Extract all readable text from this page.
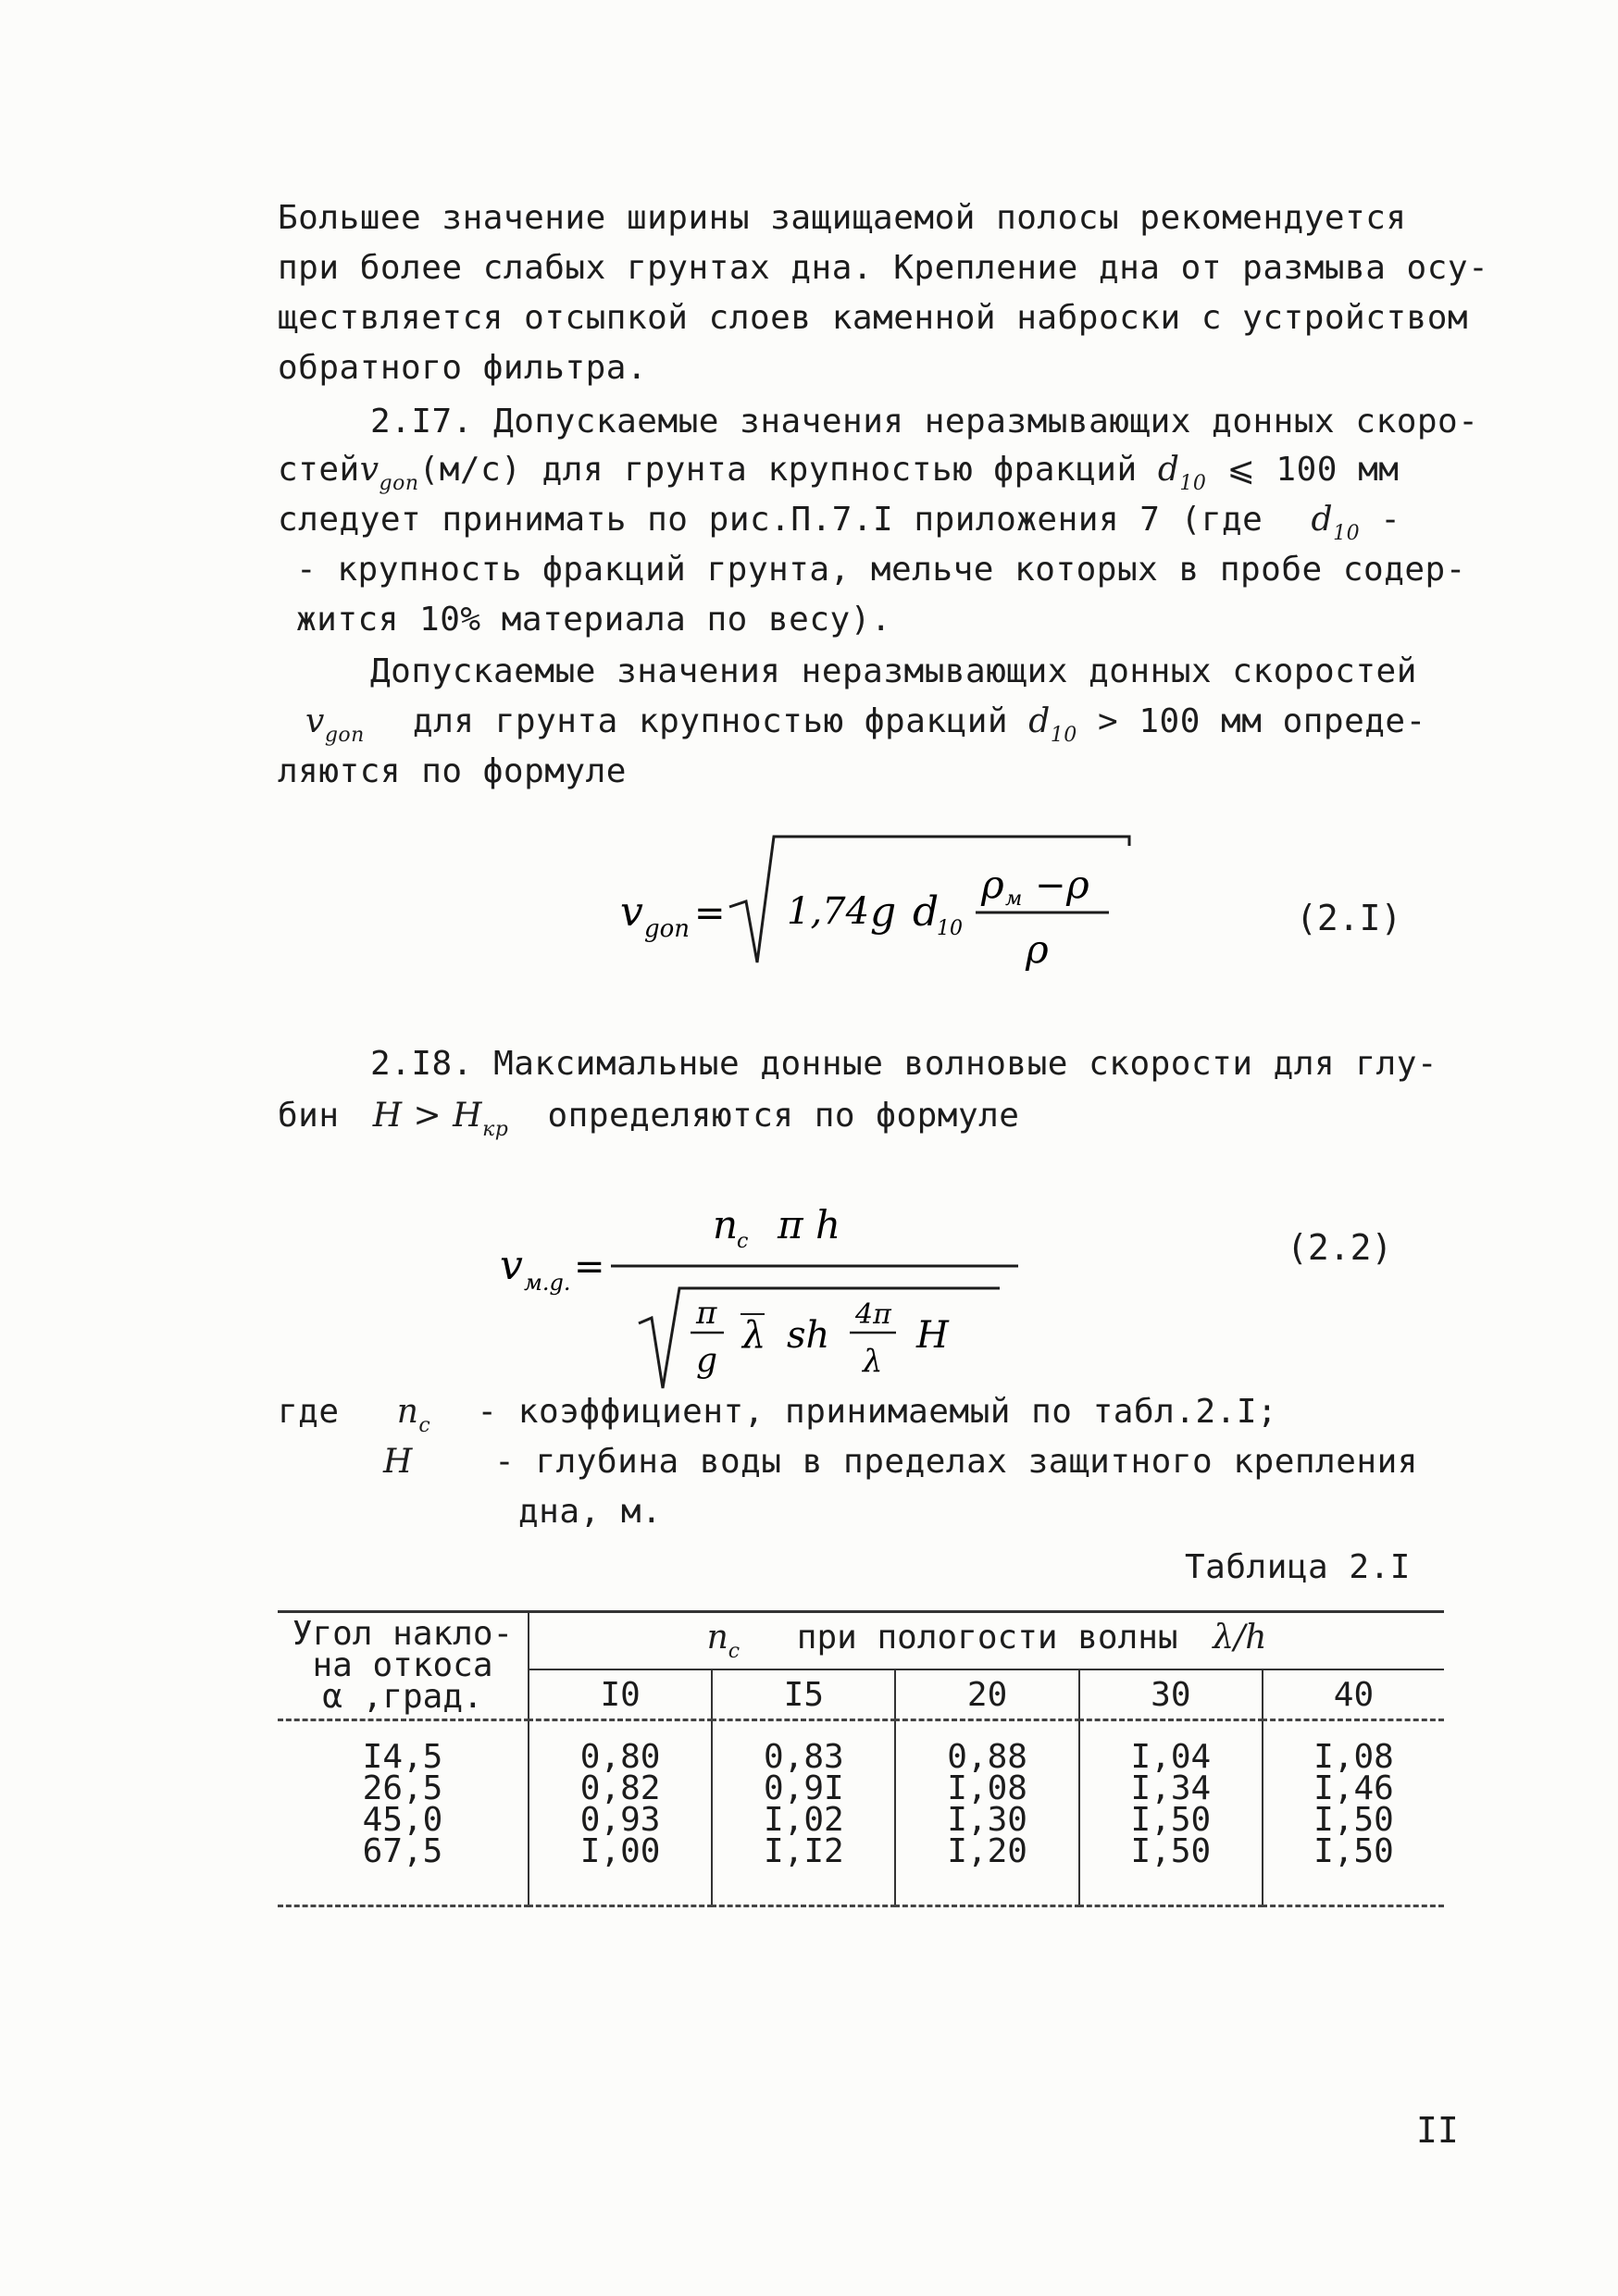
Большее значение ширины защищаемой полосы рекомендуется
при более слабых грунтах дна. Крепление дна от размыва осу-
ществляется отсыпкой слоев каменной наброски с устройством
обратного фильтра.
2.I7. Допускаемые значения неразмывающих донных скоро-
стейv$_{gon}$(м/с) для грунта крупностью фракций $d_{10}$ ⩽ 100 мм
следует принимать по рис.П.7.I приложения 7 (где $d_{10}$ -
- крупность фракций грунта, мельче которых в пробе содер-
жится 10% материала по весу).
Допускаемые значения неразмывающих донных скоростей
$v_{gon}$ для грунта крупностью фракций $d_{10} > 100$ мм опреде-
ляются по формуле
v gon = 1,74 g d
10
ρ м − ρ
ρ
(2.I)
2.I8. Максимальные донные волновые скорости для глу-
бин $H > H_{кр}$ определяются по формуле
v м.g. =
n
c π h
π
g
λ sh 4π
λ
H
(2.2)
где $n_c$ - коэффициент, принимаемый по табл.2.I;
H - глубина воды в пределах защитного крепления
дна, м.
Таблица 2.I
Угол накло-
на откоса
α ,град.	$n_c$ при пологости волны λ/h				
	I0	I5	20	30	40
I4,5	0,80	0,83	0,88	I,04	I,08
26,5	0,82	0,9I	I,08	I,34	I,46
45,0	0,93	I,02	I,30	I,50	I,50
67,5	I,00	I,I2	I,20	I,50	I,50
II
